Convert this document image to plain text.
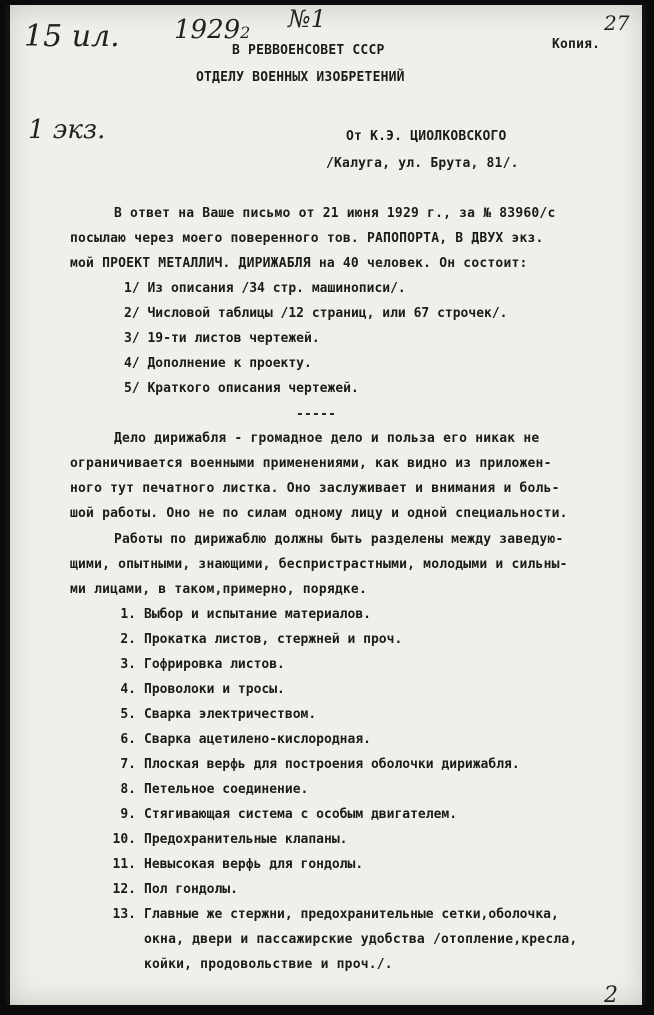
15 ил. 19292 №1
1 экз.
27
2
В РЕВВОЕНСОВЕТ СССР
ОТДЕЛУ ВОЕННЫХ ИЗОБРЕТЕНИЙ
Копия.
От К.Э. ЦИОЛКОВСКОГО
/Калуга, ул. Брута, 81/.
В ответ на Ваше письмо от 21 июня 1929 г., за № 83960/с
посылаю через моего поверенного тов. РАПОПОРТА, В ДВУХ экз.
мой ПРОЕКТ МЕТАЛЛИЧ. ДИРИЖАБЛЯ на 40 человек. Он состоит:
1/ Из описания /34 стр. машинописи/.
2/ Числовой таблицы /12 страниц, или 67 строчек/.
3/ 19-ти листов чертежей.
4/ Дополнение к проекту.
5/ Краткого описания чертежей.
-----
Дело дирижабля - громадное дело и польза его никак не
ограничивается военными применениями, как видно из приложен-
ного тут печатного листка. Оно заслуживает и внимания и боль-
шой работы. Оно не по силам одному лицу и одной специальности.
Работы по дирижаблю должны быть разделены между заведую-
щими, опытными, знающими, беспристрастными, молодыми и сильны-
ми лицами, в таком,примерно, порядке.
1. Выбор и испытание материалов.
2. Прокатка листов, стержней и проч.
3. Гофрировка листов.
4. Проволоки и тросы.
5. Сварка электричеством.
6. Сварка ацетилено-кислородная.
7. Плоская верфь для построения оболочки дирижабля.
8. Петельное соединение.
9. Стягивающая система с особым двигателем.
10. Предохранительные клапаны.
11. Невысокая верфь для гондолы.
12. Пол гондолы.
13. Главные же стержни, предохранительные сетки,оболочка,
окна, двери и пассажирские удобства /отопление,кресла,
койки, продовольствие и проч./.
